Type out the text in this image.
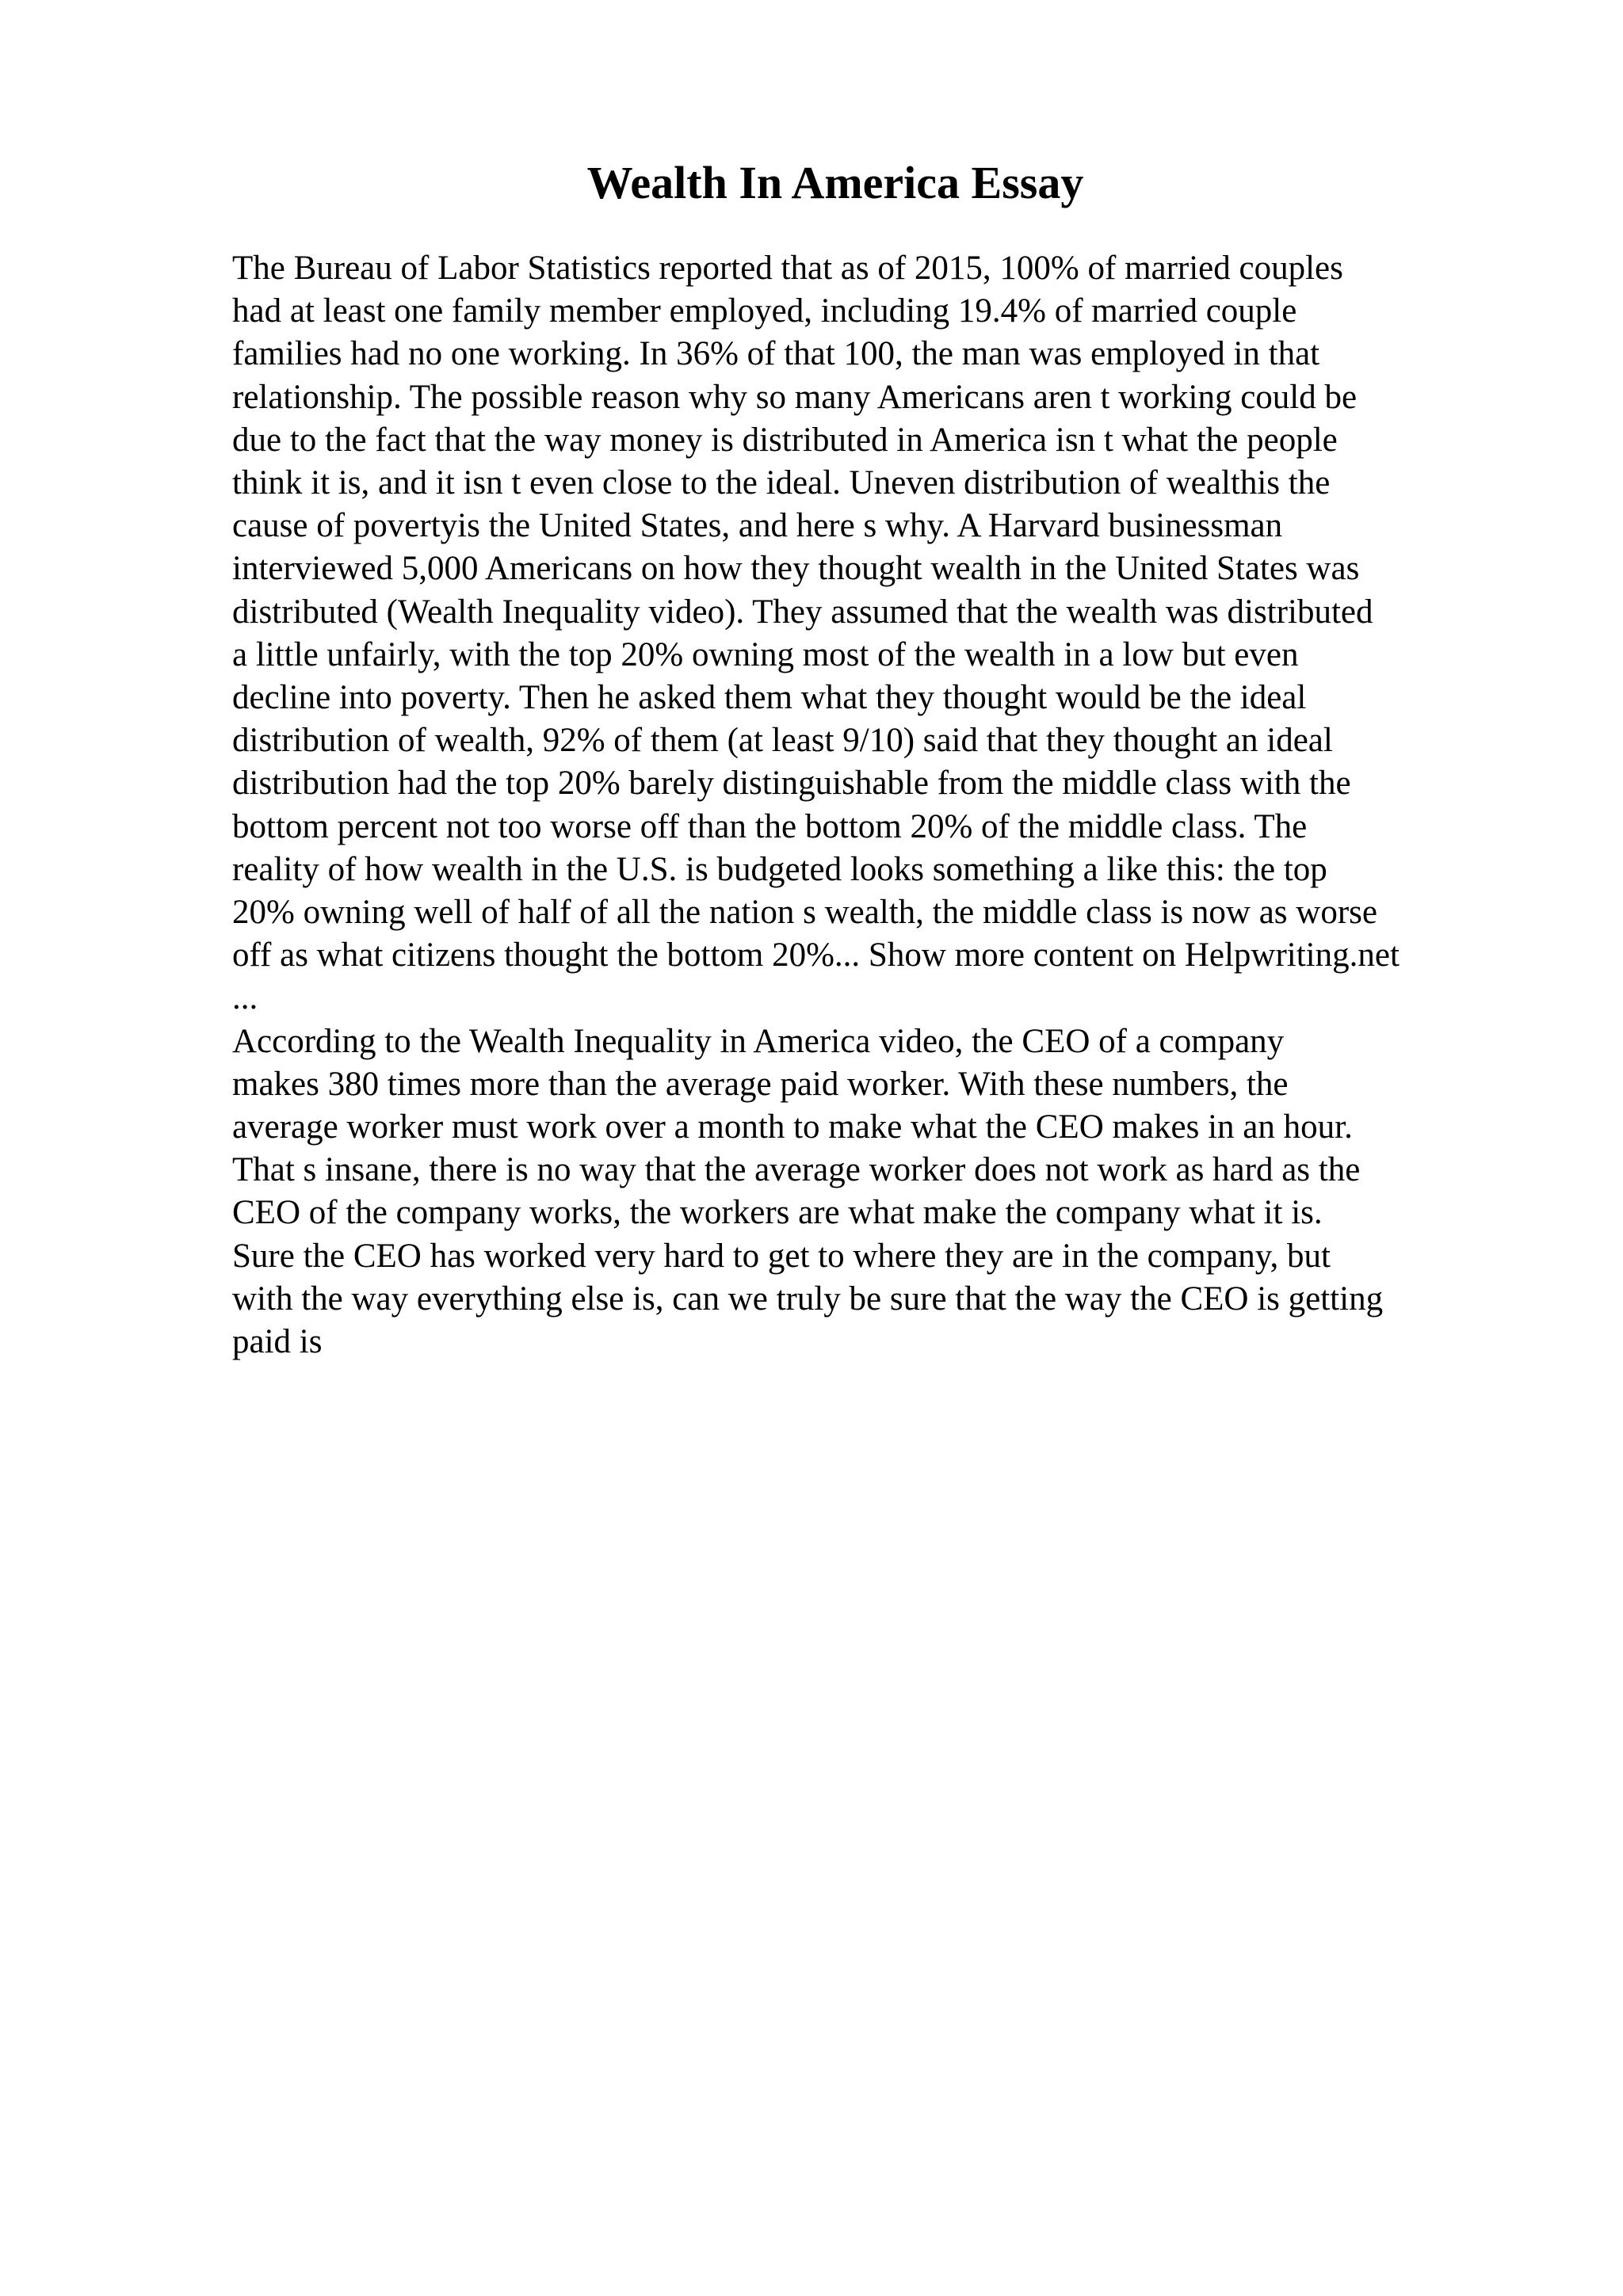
Wealth In America Essay
The Bureau of Labor Statistics reported that as of 2015, 100% of married couples
had at least one family member employed, including 19.4% of married couple
families had no one working. In 36% of that 100, the man was employed in that
relationship. The possible reason why so many Americans aren t working could be
due to the fact that the way money is distributed in America isn t what the people
think it is, and it isn t even close to the ideal. Uneven distribution of wealthis the
cause of povertyis the United States, and here s why. A Harvard businessman
interviewed 5,000 Americans on how they thought wealth in the United States was
distributed (Wealth Inequality video). They assumed that the wealth was distributed
a little unfairly, with the top 20% owning most of the wealth in a low but even
decline into poverty. Then he asked them what they thought would be the ideal
distribution of wealth, 92% of them (at least 9/10) said that they thought an ideal
distribution had the top 20% barely distinguishable from the middle class with the
bottom percent not too worse off than the bottom 20% of the middle class. The
reality of how wealth in the U.S. is budgeted looks something a like this: the top
20% owning well of half of all the nation s wealth, the middle class is now as worse
off as what citizens thought the bottom 20%... Show more content on Helpwriting.net
...
According to the Wealth Inequality in America video, the CEO of a company
makes 380 times more than the average paid worker. With these numbers, the
average worker must work over a month to make what the CEO makes in an hour.
That s insane, there is no way that the average worker does not work as hard as the
CEO of the company works, the workers are what make the company what it is.
Sure the CEO has worked very hard to get to where they are in the company, but
with the way everything else is, can we truly be sure that the way the CEO is getting
paid is
